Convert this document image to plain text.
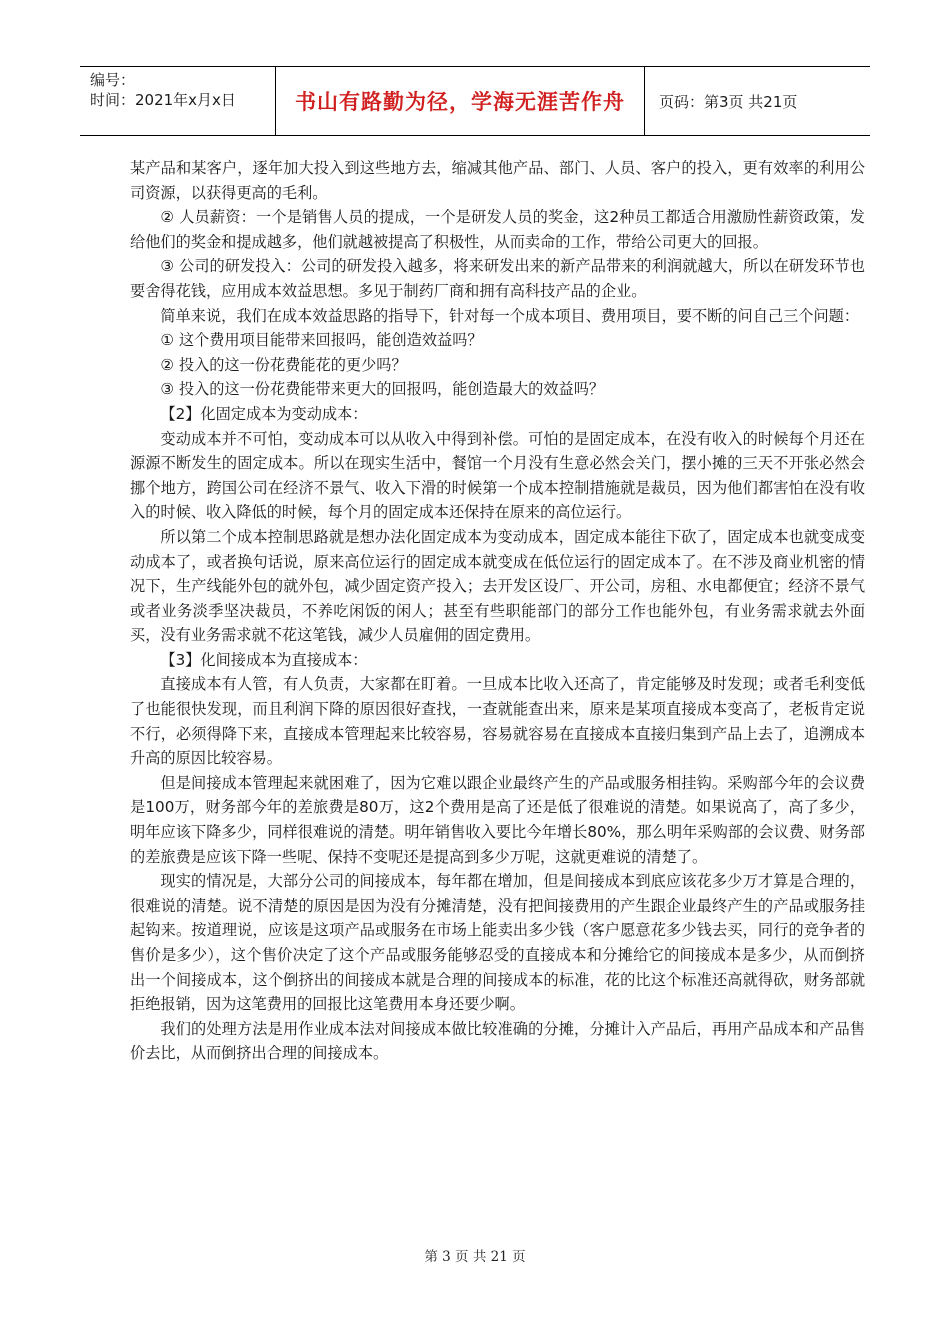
编号：
时间：2021年x月x日	书山有路勤为径，学海无涯苦作舟 页码：第3页 共21页

某产品和某客户，逐年加大投入到这些地方去，缩减其他产品、部门、人员、客户的投入，更有效率的利用公司资源，以获得更高的毛利。

② 人员薪资：一个是销售人员的提成，一个是研发人员的奖金，这2种员工都适合用激励性薪资政策，发给他们的奖金和提成越多，他们就越被提高了积极性，从而卖命的工作，带给公司更大的回报。

③ 公司的研发投入：公司的研发投入越多，将来研发出来的新产品带来的利润就越大，所以在研发环节也要舍得花钱，应用成本效益思想。多见于制药厂商和拥有高科技产品的企业。

简单来说，我们在成本效益思路的指导下，针对每一个成本项目、费用项目，要不断的问自己三个问题：

① 这个费用项目能带来回报吗，能创造效益吗？

② 投入的这一份花费能花的更少吗？

③ 投入的这一份花费能带来更大的回报吗，能创造最大的效益吗？

【2】化固定成本为变动成本：

变动成本并不可怕，变动成本可以从收入中得到补偿。可怕的是固定成本，在没有收入的时候每个月还在源源不断发生的固定成本。所以在现实生活中，餐馆一个月没有生意必然会关门，摆小摊的三天不开张必然会挪个地方，跨国公司在经济不景气、收入下滑的时候第一个成本控制措施就是裁员，因为他们都害怕在没有收入的时候、收入降低的时候，每个月的固定成本还保持在原来的高位运行。

所以第二个成本控制思路就是想办法化固定成本为变动成本，固定成本能往下砍了，固定成本也就变成变动成本了，或者换句话说，原来高位运行的固定成本就变成在低位运行的固定成本了。在不涉及商业机密的情况下，生产线能外包的就外包，减少固定资产投入；去开发区设厂、开公司，房租、水电都便宜；经济不景气或者业务淡季坚决裁员，不养吃闲饭的闲人；甚至有些职能部门的部分工作也能外包，有业务需求就去外面买，没有业务需求就不花这笔钱，减少人员雇佣的固定费用。

【3】化间接成本为直接成本：

直接成本有人管，有人负责，大家都在盯着。一旦成本比收入还高了，肯定能够及时发现；或者毛利变低了也能很快发现，而且利润下降的原因很好查找，一查就能查出来，原来是某项直接成本变高了，老板肯定说不行，必须得降下来，直接成本管理起来比较容易，容易就容易在直接成本直接归集到产品上去了，追溯成本升高的原因比较容易。

但是间接成本管理起来就困难了，因为它难以跟企业最终产生的产品或服务相挂钩。采购部今年的会议费是100万，财务部今年的差旅费是80万，这2个费用是高了还是低了很难说的清楚。如果说高了，高了多少，明年应该下降多少，同样很难说的清楚。明年销售收入要比今年增长80%，那么明年采购部的会议费、财务部的差旅费是应该下降一些呢、保持不变呢还是提高到多少万呢，这就更难说的清楚了。

现实的情况是，大部分公司的间接成本，每年都在增加，但是间接成本到底应该花多少万才算是合理的，很难说的清楚。说不清楚的原因是因为没有分摊清楚，没有把间接费用的产生跟企业最终产生的产品或服务挂起钩来。按道理说，应该是这项产品或服务在市场上能卖出多少钱（客户愿意花多少钱去买，同行的竞争者的售价是多少），这个售价决定了这个产品或服务能够忍受的直接成本和分摊给它的间接成本是多少，从而倒挤出一个间接成本，这个倒挤出的间接成本就是合理的间接成本的标准，花的比这个标准还高就得砍，财务部就拒绝报销，因为这笔费用的回报比这笔费用本身还要少啊。

我们的处理方法是用作业成本法对间接成本做比较准确的分摊，分摊计入产品后，再用产品成本和产品售价去比，从而倒挤出合理的间接成本。

第 3 页 共 21 页
